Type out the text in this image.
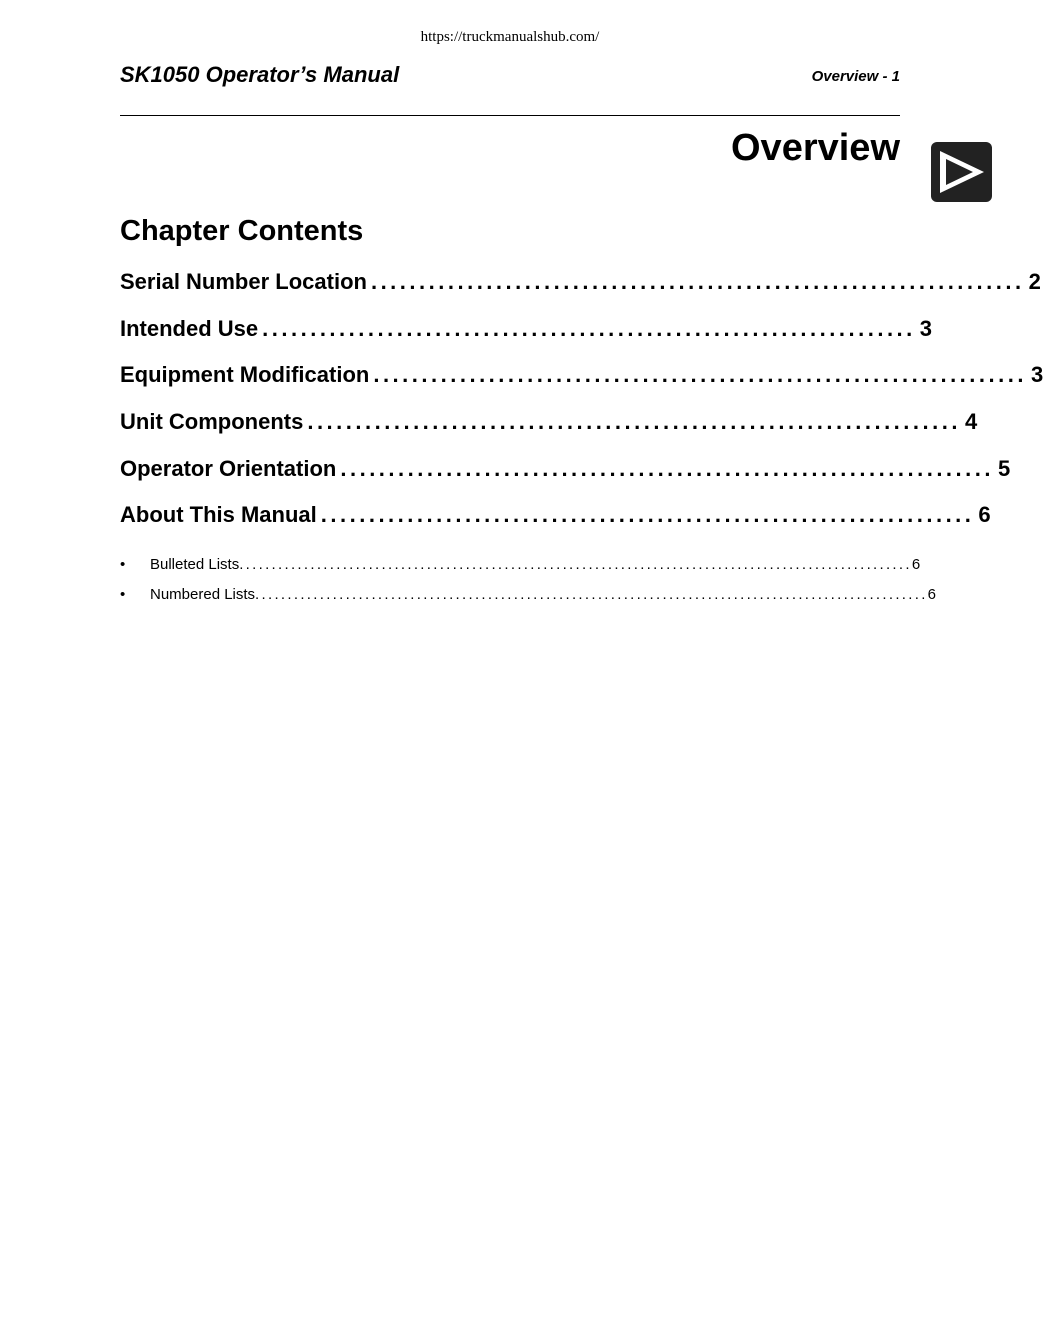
https://truckmanualshub.com/
SK1050 Operator’s Manual	Overview - 1
Overview
Chapter Contents
Serial Number Location .................................................................... 2
Intended Use .................................................................... 3
Equipment Modification .................................................................... 3
Unit Components .................................................................... 4
Operator Orientation .................................................................... 5
About This Manual .................................................................... 6
•	Bulleted Lists ........................................................................................................ 6
•	Numbered Lists ........................................................................................................ 6
